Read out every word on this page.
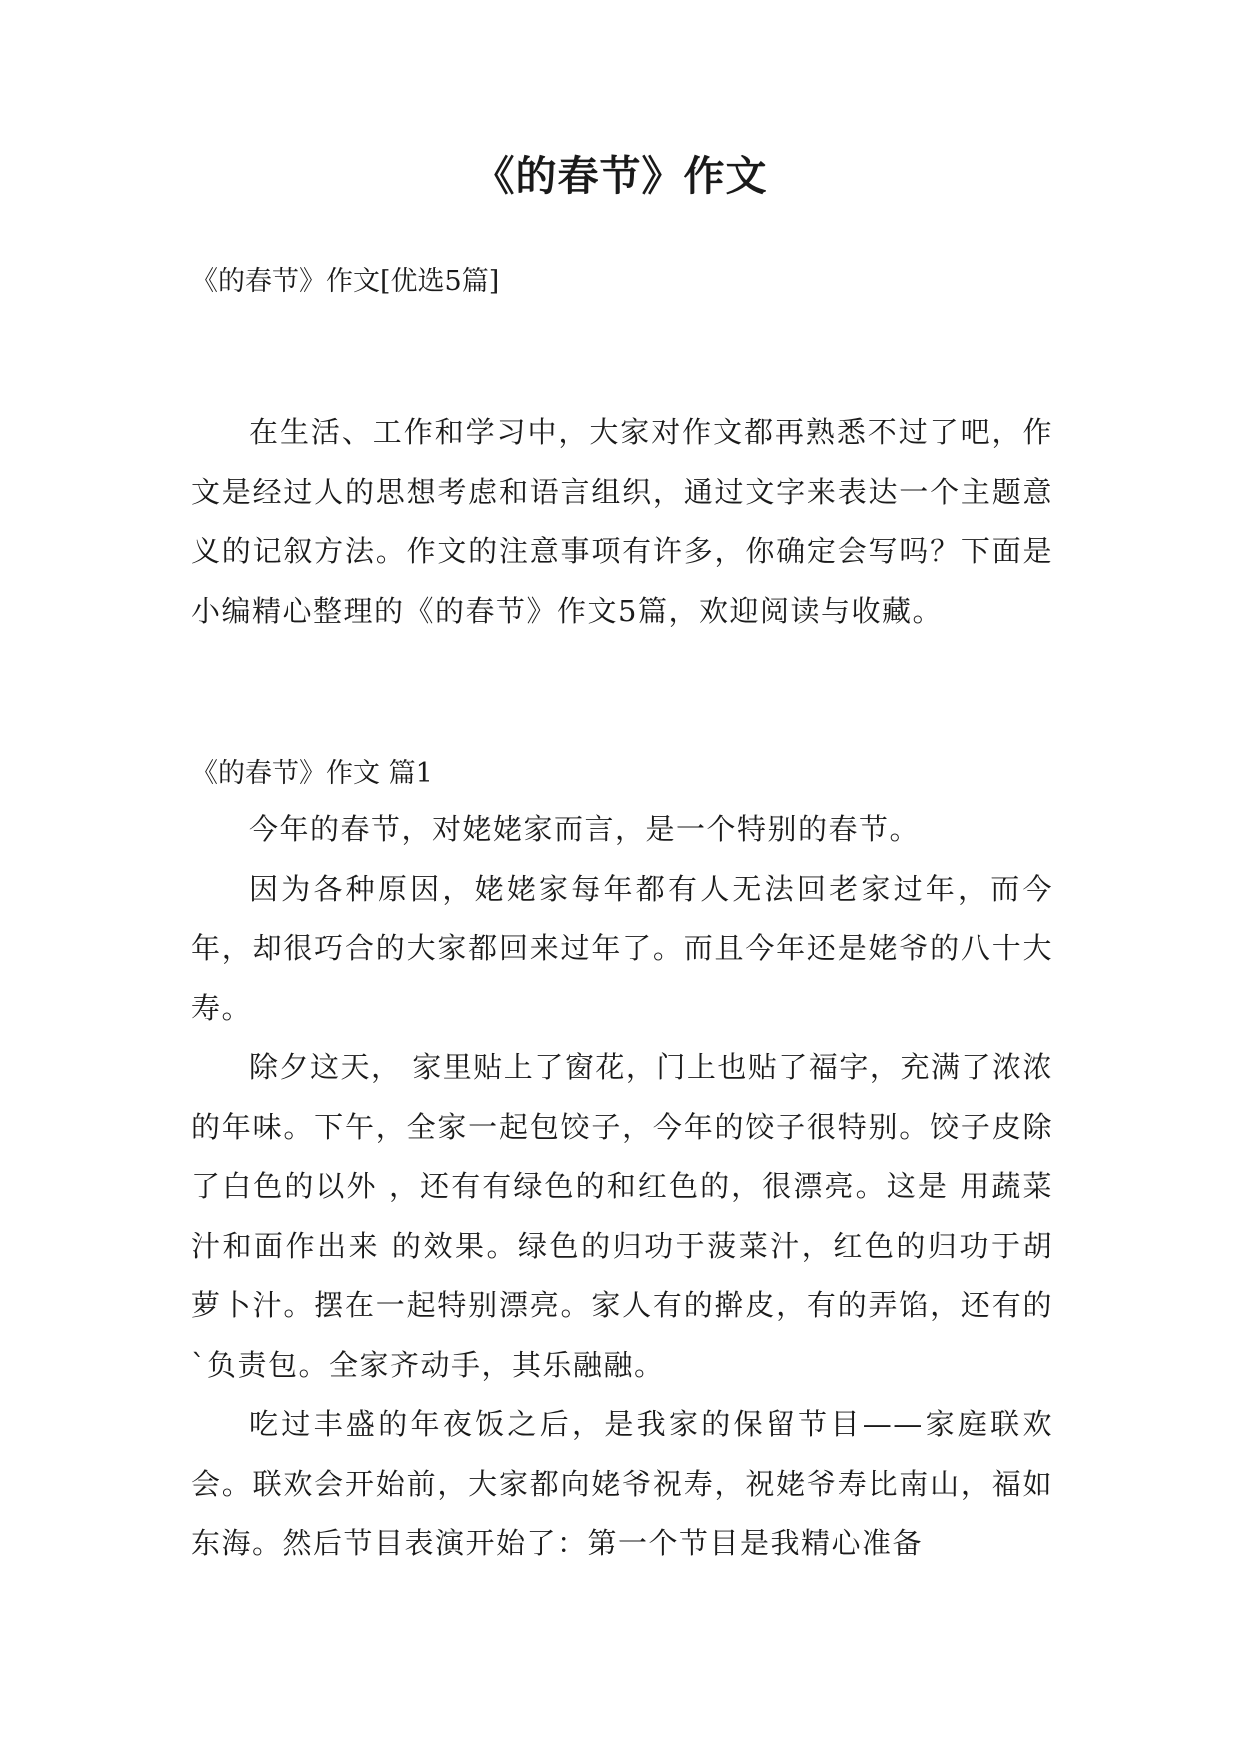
《的春节》作文
《的春节》作文[优选5篇]

在生活、工作和学习中，大家对作文都再熟悉不过了吧，作文是经过人的思想考虑和语言组织，通过文字来表达一个主题意义的记叙方法。作文的注意事项有许多，你确定会写吗？下面是小编精心整理的《的春节》作文5篇，欢迎阅读与收藏。

《的春节》作文 篇1

今年的春节，对姥姥家而言，是一个特别的春节。

因为各种原因，姥姥家每年都有人无法回老家过年，而今年，却很巧合的大家都回来过年了。而且今年还是姥爷的八十大寿。

除夕这天， 家里贴上了窗花，门上也贴了福字，充满了浓浓的年味。下午，全家一起包饺子，今年的饺子很特别。饺子皮除了白色的以外 ，还有有绿色的和红色的，很漂亮。这是 用蔬菜汁和面作出来 的效果。绿色的归功于菠菜汁，红色的归功于胡萝卜汁。摆在一起特别漂亮。家人有的擀皮，有的弄馅，还有的`负责包。全家齐动手，其乐融融。

吃过丰盛的年夜饭之后，是我家的保留节目——家庭联欢会。联欢会开始前，大家都向姥爷祝寿，祝姥爷寿比南山，福如东海。然后节目表演开始了：第一个节目是我精心准备
